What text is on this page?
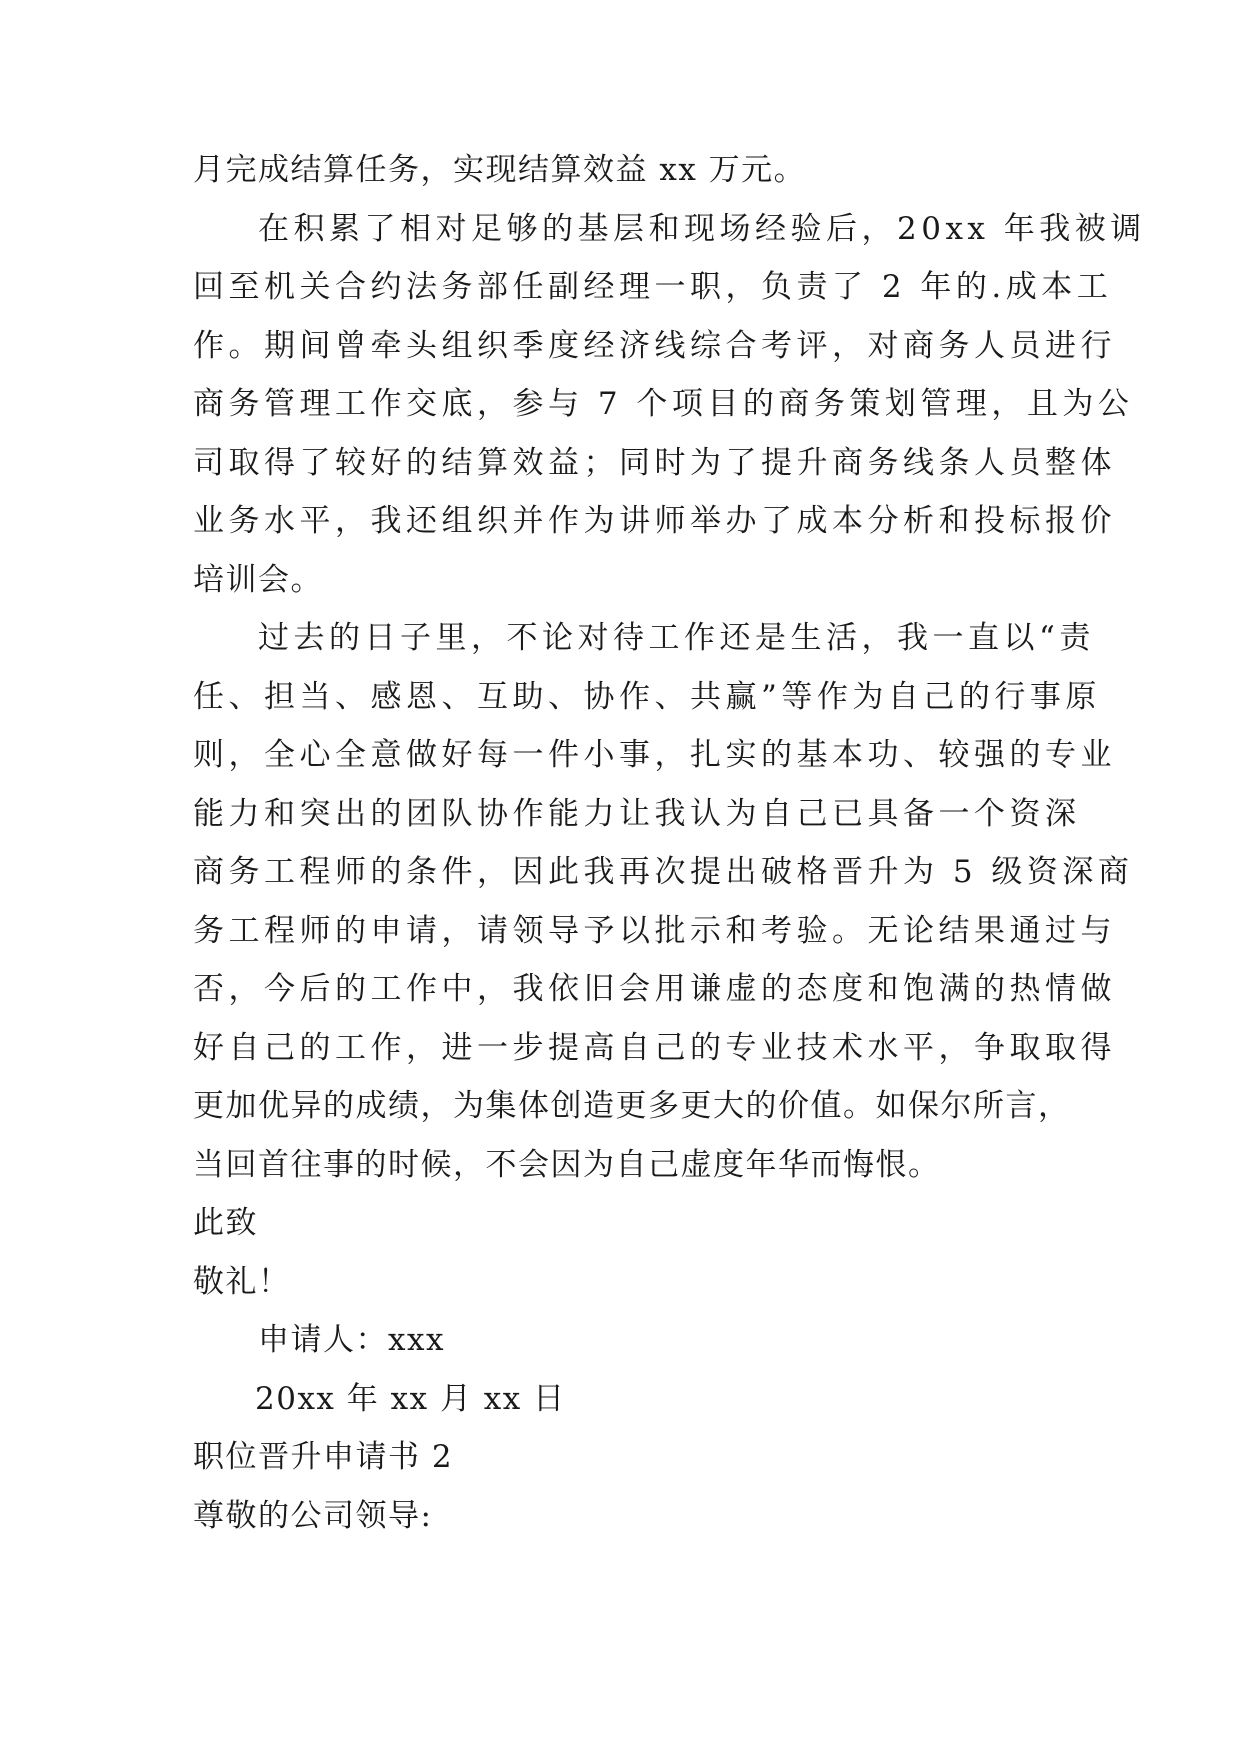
月完成结算任务，实现结算效益 xx 万元。
在积累了相对足够的基层和现场经验后，20xx 年我被调
回至机关合约法务部任副经理一职，负责了 2 年的.成本工
作。期间曾牵头组织季度经济线综合考评，对商务人员进行
商务管理工作交底，参与 7 个项目的商务策划管理，且为公
司取得了较好的结算效益；同时为了提升商务线条人员整体
业务水平，我还组织并作为讲师举办了成本分析和投标报价
培训会。
过去的日子里，不论对待工作还是生活，我一直以“责
任、担当、感恩、互助、协作、共赢”等作为自己的行事原
则，全心全意做好每一件小事，扎实的基本功、较强的专业
能力和突出的团队协作能力让我认为自己已具备一个资深
商务工程师的条件，因此我再次提出破格晋升为 5 级资深商
务工程师的申请，请领导予以批示和考验。无论结果通过与
否，今后的工作中，我依旧会用谦虚的态度和饱满的热情做
好自己的工作，进一步提高自己的专业技术水平，争取取得
更加优异的成绩，为集体创造更多更大的价值。如保尔所言，
当回首往事的时候，不会因为自己虚度年华而悔恨。
此致
敬礼！
申请人：xxx
20xx 年 xx 月 xx 日
职位晋升申请书 2
尊敬的公司领导:
